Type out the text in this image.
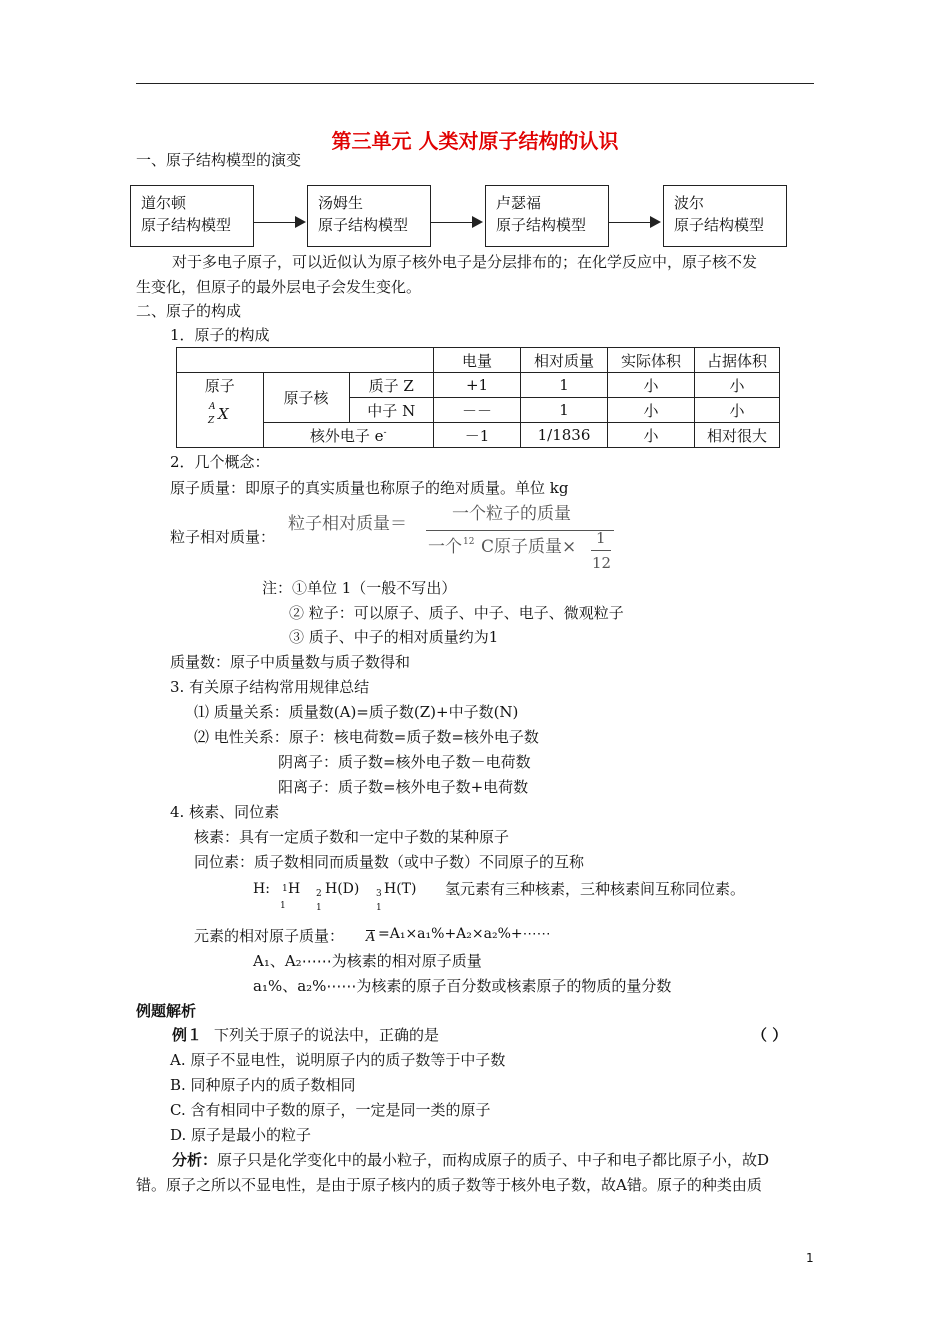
第三单元 人类对原子结构的认识
一、原子结构模型的演变
道尔顿
原子结构模型
汤姆生
原子结构模型
卢瑟福
原子结构模型
波尔
原子结构模型
对于多电子原子，可以近似认为原子核外电子是分层排布的；在化学反应中，原子核不发
生变化，但原子的最外层电子会发生变化。
二、原子的构成
1．原子的构成
			电量	相对质量	实际体积	占据体积

原子
A
Z X	原子核	质子 Z	+1	1	小	小
		中子 N	－－	1	小	小
	核外电子 e-		－1	1/1836	小	相对很大
2．几个概念：
原子质量：即原子的真实质量也称原子的绝对质量。单位 kg
粒子相对质量：
粒子相对质量＝	一个粒子的质量
一个 12 C原子质量× 1
12
注：①单位 1（一般不写出）
② 粒子：可以原子、质子、中子、电子、微观粒子
③ 质子、中子的相对质量约为1
质量数：原子中质量数与质子数得和
3. 有关原子结构常用规律总结
⑴ 质量关系：质量数(A)=质子数(Z)+中子数(N)
⑵ 电性关系：原子：核电荷数=质子数=核外电子数
阴离子：质子数=核外电子数－电荷数
阳离子：质子数=核外电子数+电荷数
4. 核素、同位素
核素：具有一定质子数和一定中子数的某种原子
同位素：质子数相同而质量数（或中子数）不同原子的互称
H: 1
1
H 2
1
H(D) 3
1
H(T) 氢元素有三种核素，三种核素间互称同位素。
元素的相对原子质量： A =A₁×a₁%+A₂×a₂%+⋯⋯
A₁、A₂⋯⋯为核素的相对原子质量
a₁%、a₂%⋯⋯为核素的原子百分数或核素原子的物质的量分数
例题解析
例１ 下列关于原子的说法中，正确的是	（ ）
A. 原子不显电性，说明原子内的质子数等于中子数
B. 同种原子内的质子数相同
C. 含有相同中子数的原子，一定是同一类的原子
D. 原子是最小的粒子
分析：原子只是化学变化中的最小粒子，而构成原子的质子、中子和电子都比原子小，故D
错。原子之所以不显电性，是由于原子核内的质子数等于核外电子数，故A错。原子的种类由质
1
